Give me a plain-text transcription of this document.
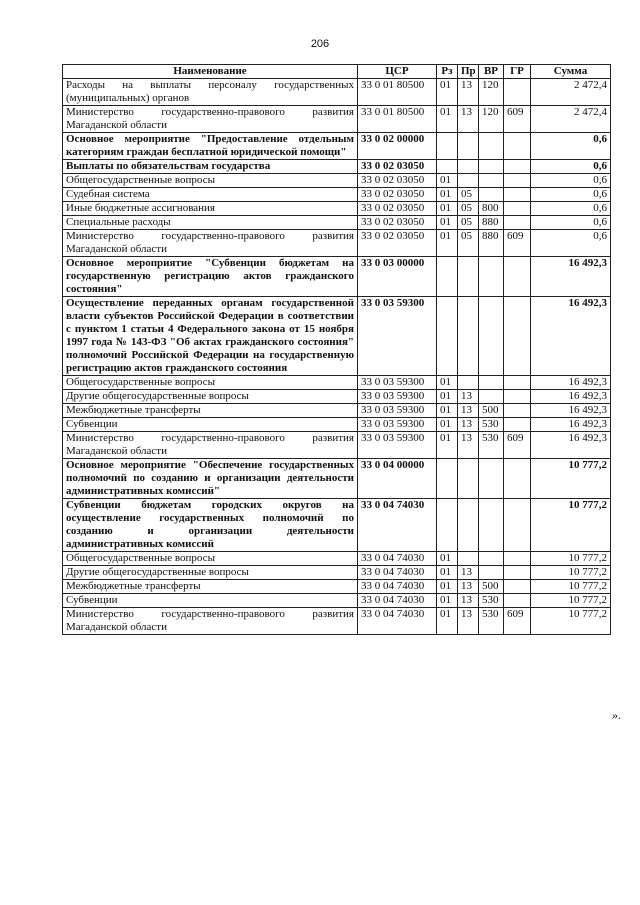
206
Наименование	ЦСР	Рз	Пр	ВР	ГР	Сумма
Расходы на выплаты персоналу государственных (муниципальных) органов	33 0 01 80500	01	13	120		2 472,4
Министерство государственно-правового развития Магаданской области	33 0 01 80500	01	13	120	609	2 472,4
Основное мероприятие "Предоставление отдельным категориям граждан бесплатной юридической помощи"	33 0 02 00000					0,6
Выплаты по обязательствам государства	33 0 02 03050					0,6
Общегосударственные вопросы	33 0 02 03050	01				0,6
Судебная система	33 0 02 03050	01	05			0,6
Иные бюджетные ассигнования	33 0 02 03050	01	05	800		0,6
Специальные расходы	33 0 02 03050	01	05	880		0,6
Министерство государственно-правового развития Магаданской области	33 0 02 03050	01	05	880	609	0,6
Основное мероприятие "Субвенции бюджетам на государственную регистрацию актов гражданского состояния"	33 0 03 00000					16 492,3
Осуществление переданных органам государственной власти субъектов Российской Федерации в соответствии с пунктом 1 статьи 4 Федерального закона от 15 ноября 1997 года № 143-ФЗ "Об актах гражданского состояния" полномочий Российской Федерации на государственную регистрацию актов гражданского состояния	33 0 03 59300					16 492,3
Общегосударственные вопросы	33 0 03 59300	01				16 492,3
Другие общегосударственные вопросы	33 0 03 59300	01	13			16 492,3
Межбюджетные трансферты	33 0 03 59300	01	13	500		16 492,3
Субвенции	33 0 03 59300	01	13	530		16 492,3
Министерство государственно-правового развития Магаданской области	33 0 03 59300	01	13	530	609	16 492,3
Основное мероприятие "Обеспечение государственных полномочий по созданию и организации деятельности административных комиссий"	33 0 04 00000					10 777,2
Субвенции бюджетам городских округов на осуществление государственных полномочий по созданию и организации деятельности административных комиссий	33 0 04 74030					10 777,2
Общегосударственные вопросы	33 0 04 74030	01				10 777,2
Другие общегосударственные вопросы	33 0 04 74030	01	13			10 777,2
Межбюджетные трансферты	33 0 04 74030	01	13	500		10 777,2
Субвенции	33 0 04 74030	01	13	530		10 777,2
Министерство государственно-правового развития Магаданской области	33 0 04 74030	01	13	530	609	10 777,2
».
